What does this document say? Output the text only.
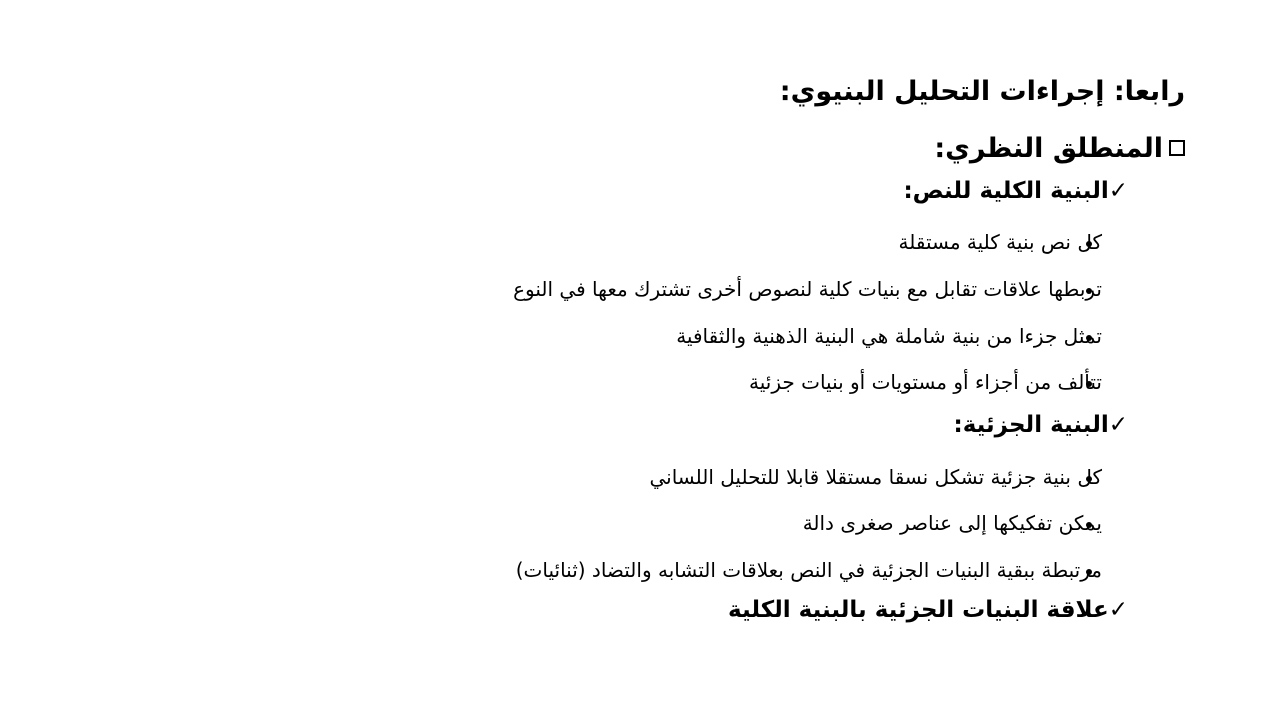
رابعا: إجراءات التحليل البنيوي:
المنطلق النظري:
✓البنية الكلية للنص:
كل نص بنية كلية مستقلة
تربطها علاقات تقابل مع بنيات كلية لنصوص أخرى تشترك معها في النوع
تمثل جزءا من بنية شاملة هي البنية الذهنية والثقافية
تتألف من أجزاء أو مستويات أو بنيات جزئية
✓البنية الجزئية:
كل بنية جزئية تشكل نسقا مستقلا قابلا للتحليل اللساني
يمكن تفكيكها إلى عناصر صغرى دالة
مرتبطة ببقية البنيات الجزئية في النص بعلاقات التشابه والتضاد (ثنائيات)
✓علاقة البنيات الجزئية بالبنية الكلية
